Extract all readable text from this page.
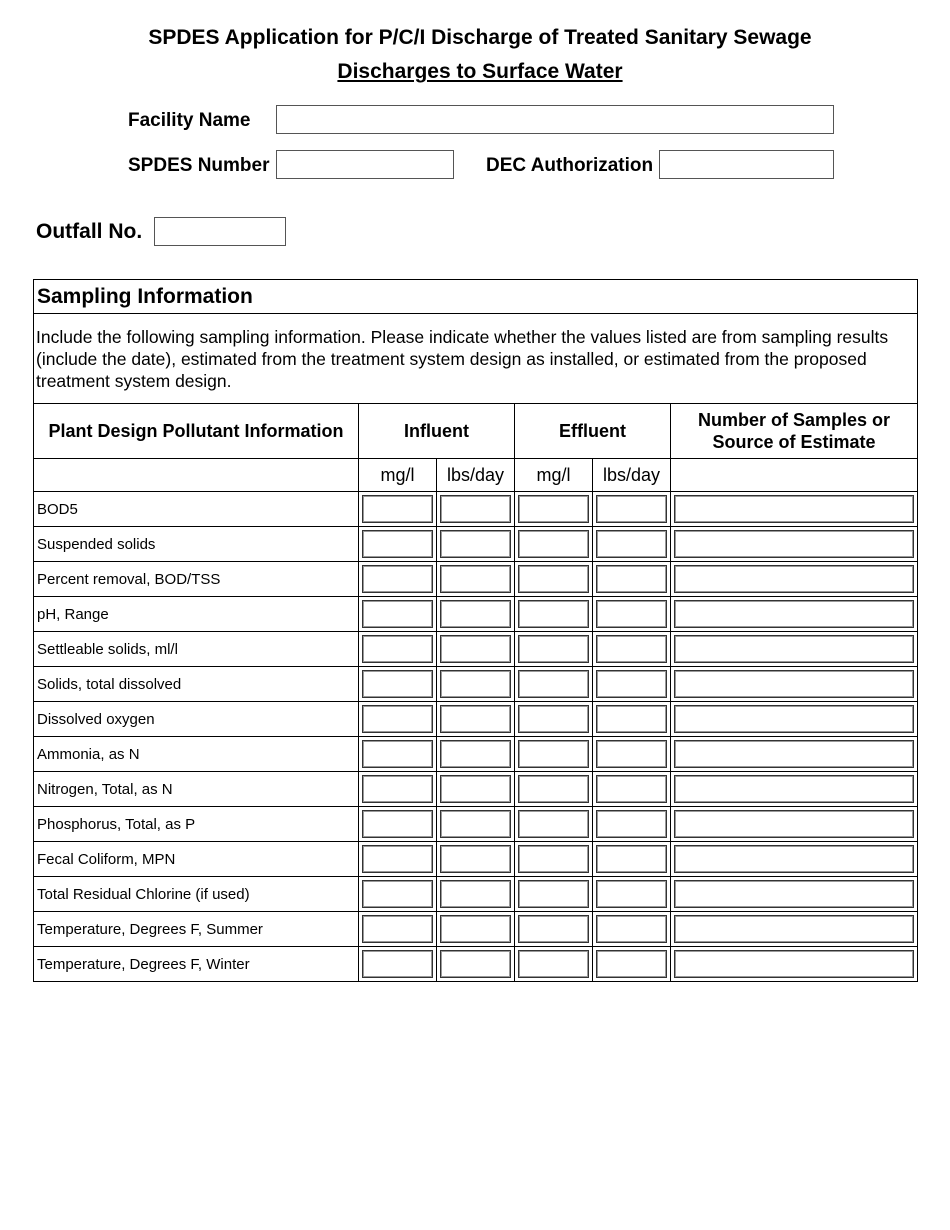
SPDES Application for P/C/I Discharge of Treated Sanitary Sewage
Discharges to Surface Water
Facility Name
SPDES Number	DEC Authorization
Outfall No.
Sampling Information					
Include the following sampling information. Please indicate whether the values listed are from sampling results (include the date), estimated from the treatment system design as installed, or estimated from the proposed treatment system design.					
Plant Design Pollutant Information	Influent		Effluent		Number of Samples or Source of Estimate
	mg/l	lbs/day	mg/l	lbs/day	
BOD5	

Suspended solids	

Percent removal, BOD/TSS	

pH, Range	

Settleable solids, ml/l	

Solids, total dissolved	

Dissolved oxygen	

Ammonia, as N	

Nitrogen, Total, as N	

Phosphorus, Total, as P	

Fecal Coliform, MPN	

Total Residual Chlorine (if used)	

Temperature, Degrees F, Summer	

Temperature, Degrees F, Winter	
